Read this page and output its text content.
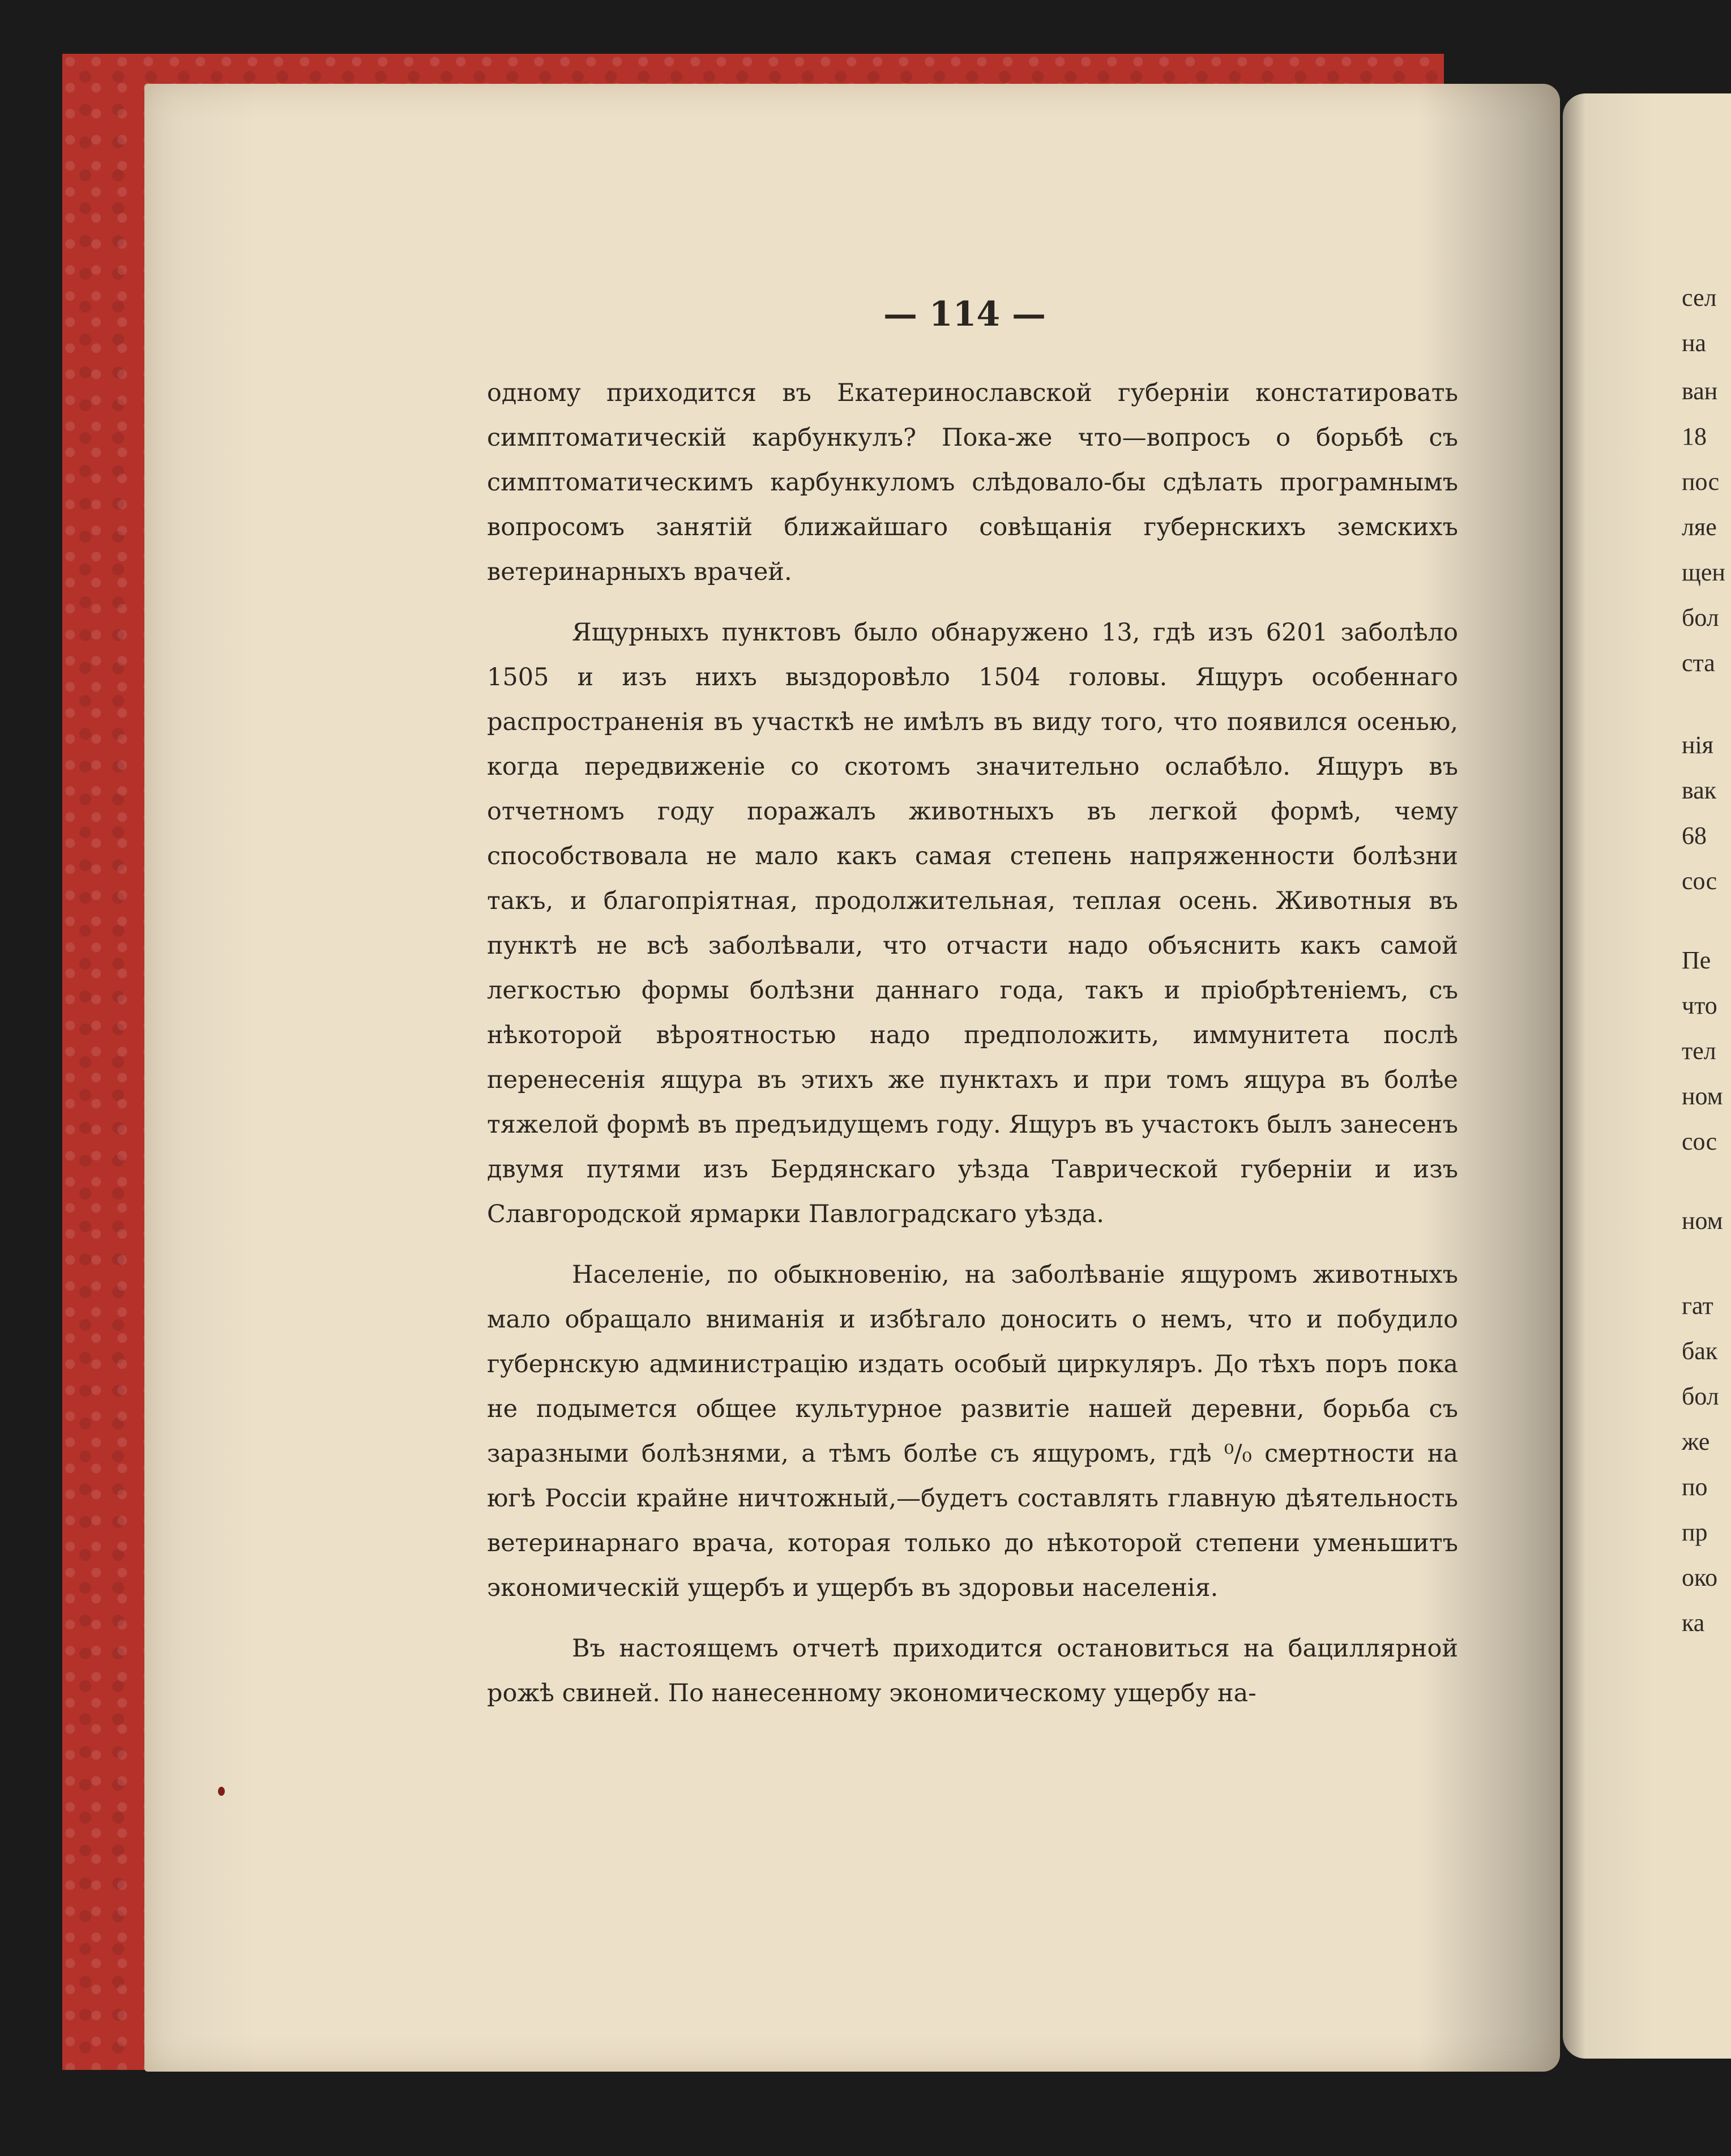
сел
на
ван
18
пос
ляе
щен
бол
ста
нія
вак
68
сос
Пе
что
тел
ном
сос
ном
гат
бак
бол
же
по
пр
око
ка
— 114 —

одному приходится въ Екатеринославской губерніи констатировать симптоматическій карбункулъ? Пока-же что—вопросъ о борьбѣ съ симптоматическимъ карбункуломъ слѣдовало-бы сдѣлать програмнымъ вопросомъ занятій ближайшаго совѣщанія губернскихъ земскихъ ветеринарныхъ врачей.

Ящурныхъ пунктовъ было обнаружено 13, гдѣ изъ 6201 заболѣло 1505 и изъ нихъ выздоровѣло 1504 головы. Ящуръ особеннаго распространенія въ участкѣ не имѣлъ въ виду того, что появился осенью, когда передвиженіе со скотомъ значительно ослабѣло. Ящуръ въ отчетномъ году поражалъ животныхъ въ легкой формѣ, чему способствовала не мало какъ самая степень напряженности болѣзни такъ, и благопріятная, продолжительная, теплая осень. Животныя въ пунктѣ не всѣ заболѣвали, что отчасти надо объяснить какъ самой легкостью формы болѣзни даннаго года, такъ и пріобрѣтеніемъ, съ нѣкоторой вѣроятностью надо предположить, иммунитета послѣ перенесенія ящура въ этихъ же пунктахъ и при томъ ящура въ болѣе тяжелой формѣ въ предъидущемъ году. Ящуръ въ участокъ былъ занесенъ двумя путями изъ Бердянскаго уѣзда Таврической губерніи и изъ Славгородской ярмарки Павлоградскаго уѣзда.

Населеніе, по обыкновенію, на заболѣваніе ящуромъ животныхъ мало обращало вниманія и избѣгало доносить о немъ, что и побудило губернскую администрацію издать особый циркуляръ. До тѣхъ поръ пока не подымется общее культурное развитіе нашей деревни, борьба съ заразными болѣзнями, а тѣмъ болѣе съ ящуромъ, гдѣ ⁰/₀ смертности на югѣ Россіи крайне ничтожный,—будетъ составлять главную дѣятельность ветеринарнаго врача, которая только до нѣкоторой степени уменьшитъ экономическій ущербъ и ущербъ въ здоровьи населенія.

Въ настоящемъ отчетѣ приходится остановиться на бациллярной рожѣ свиней. По нанесенному экономическому ущербу на-
